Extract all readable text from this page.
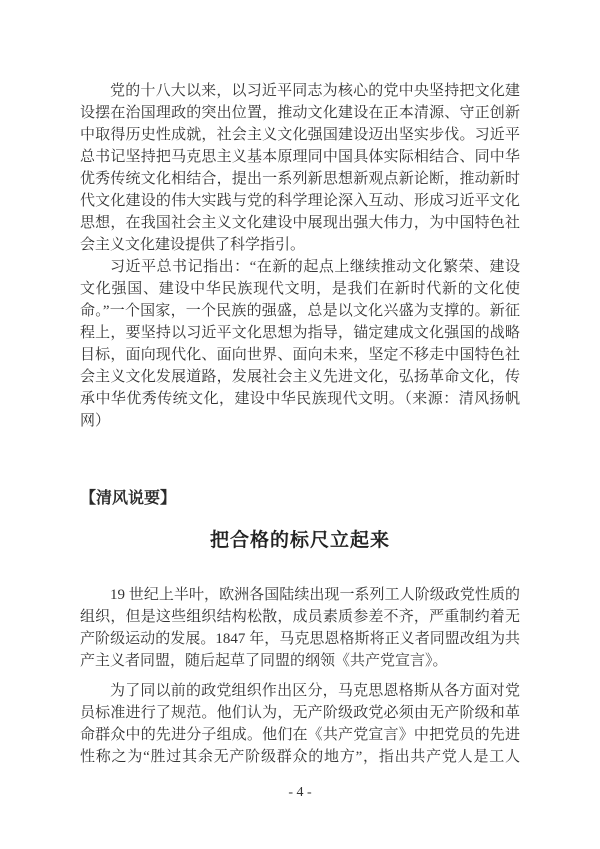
党的十八大以来，以习近平同志为核心的党中央坚持把文化建设摆在治国理政的突出位置，推动文化建设在正本清源、守正创新中取得历史性成就，社会主义文化强国建设迈出坚实步伐。习近平总书记坚持把马克思主义基本原理同中国具体实际相结合、同中华优秀传统文化相结合，提出一系列新思想新观点新论断，推动新时代文化建设的伟大实践与党的科学理论深入互动、形成习近平文化思想，在我国社会主义文化建设中展现出强大伟力，为中国特色社会主义文化建设提供了科学指引。

习近平总书记指出：“在新的起点上继续推动文化繁荣、建设文化强国、建设中华民族现代文明，是我们在新时代新的文化使命。”一个国家，一个民族的强盛，总是以文化兴盛为支撑的。新征程上，要坚持以习近平文化思想为指导，锚定建成文化强国的战略目标，面向现代化、面向世界、面向未来，坚定不移走中国特色社会主义文化发展道路，发展社会主义先进文化，弘扬革命文化，传承中华优秀传统文化，建设中华民族现代文明。（来源：清风扬帆网）

【清风说要】
把合格的标尺立起来

19 世纪上半叶，欧洲各国陆续出现一系列工人阶级政党性质的组织，但是这些组织结构松散，成员素质参差不齐，严重制约着无产阶级运动的发展。1847 年，马克思恩格斯将正义者同盟改组为共产主义者同盟，随后起草了同盟的纲领《共产党宣言》。

为了同以前的政党组织作出区分，马克思恩格斯从各方面对党员标准进行了规范。他们认为，无产阶级政党必须由无产阶级和革命群众中的先进分子组成。他们在《共产党宣言》中把党员的先进性称之为“胜过其余无产阶级群众的地方”，指出共产党人是工人

- 4 -
